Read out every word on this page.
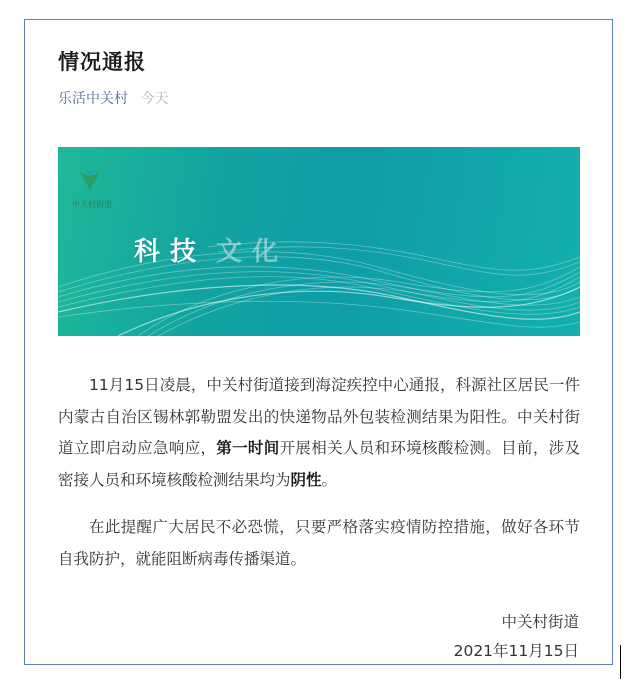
情况通报
乐活中关村 今天
中关村街道
科技 文化
11月15日凌晨，中关村街道接到海淀疾控中心通报，科源社区居民一件内蒙古自治区锡林郭勒盟发出的快递物品外包装检测结果为阳性。中关村街道立即启动应急响应，第一时间开展相关人员和环境核酸检测。目前，涉及密接人员和环境核酸检测结果均为阴性。
在此提醒广大居民不必恐慌，只要严格落实疫情防控措施，做好各环节自我防护，就能阻断病毒传播渠道。
中关村街道
2021年11月15日
